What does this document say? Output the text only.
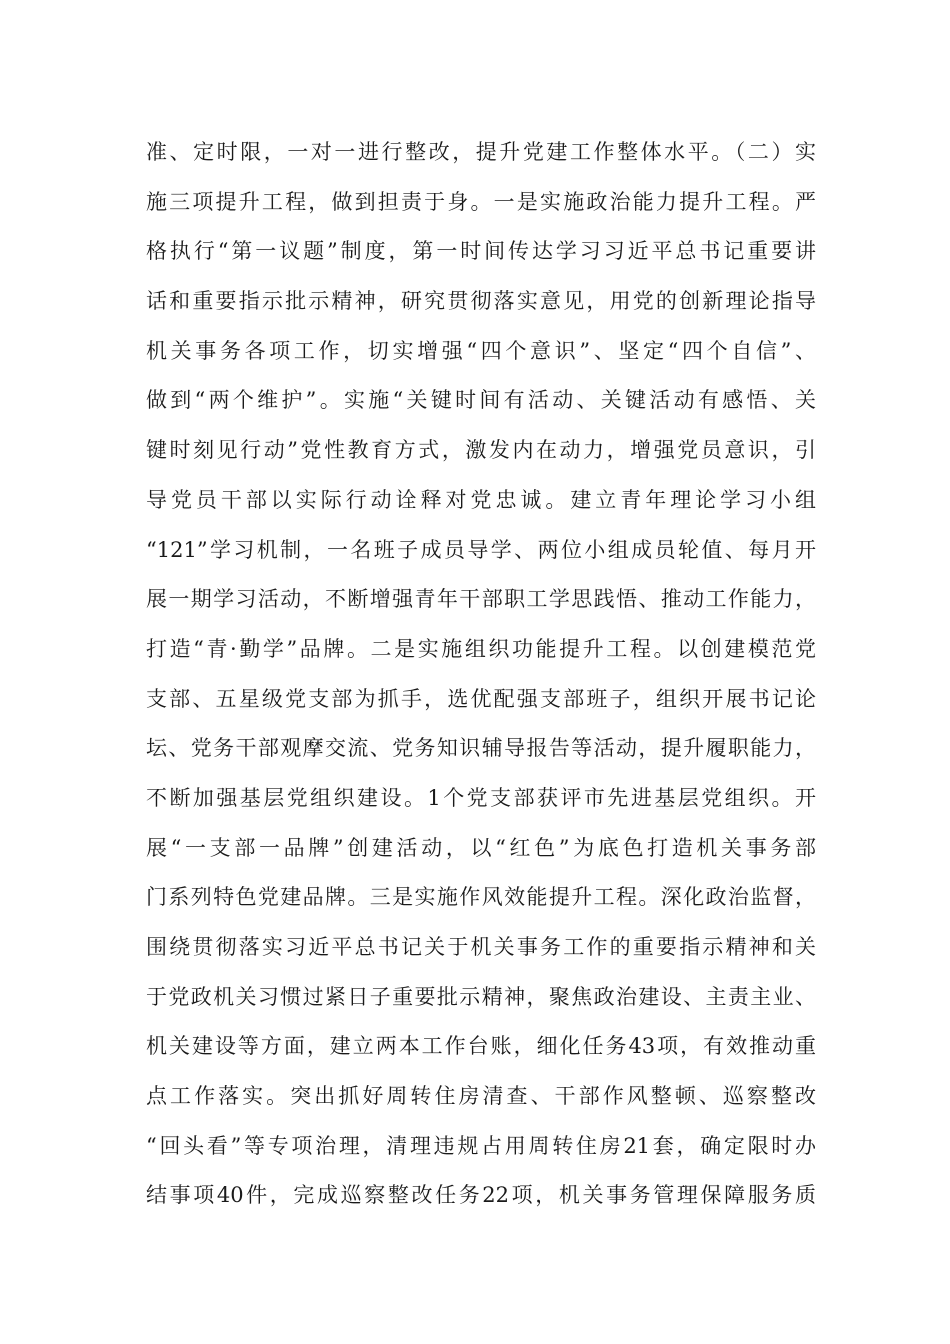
准、定时限，一对一进行整改，提升党建工作整体水平。（二）实
施三项提升工程，做到担责于身。一是实施政治能力提升工程。严
格执行“第一议题”制度，第一时间传达学习习近平总书记重要讲
话和重要指示批示精神，研究贯彻落实意见，用党的创新理论指导
机关事务各项工作，切实增强“四个意识”、坚定“四个自信”、
做到“两个维护”。实施“关键时间有活动、关键活动有感悟、关
键时刻见行动”党性教育方式，激发内在动力，增强党员意识，引
导党员干部以实际行动诠释对党忠诚。建立青年理论学习小组
“121”学习机制，一名班子成员导学、两位小组成员轮值、每月开
展一期学习活动，不断增强青年干部职工学思践悟、推动工作能力，
打造“青·勤学”品牌。二是实施组织功能提升工程。以创建模范党
支部、五星级党支部为抓手，选优配强支部班子，组织开展书记论
坛、党务干部观摩交流、党务知识辅导报告等活动，提升履职能力，
不断加强基层党组织建设。1个党支部获评市先进基层党组织。开
展“一支部一品牌”创建活动，以“红色”为底色打造机关事务部
门系列特色党建品牌。三是实施作风效能提升工程。深化政治监督，
围绕贯彻落实习近平总书记关于机关事务工作的重要指示精神和关
于党政机关习惯过紧日子重要批示精神，聚焦政治建设、主责主业、
机关建设等方面，建立两本工作台账，细化任务43项，有效推动重
点工作落实。突出抓好周转住房清查、干部作风整顿、巡察整改
“回头看”等专项治理，清理违规占用周转住房21套，确定限时办
结事项40件，完成巡察整改任务22项，机关事务管理保障服务质
